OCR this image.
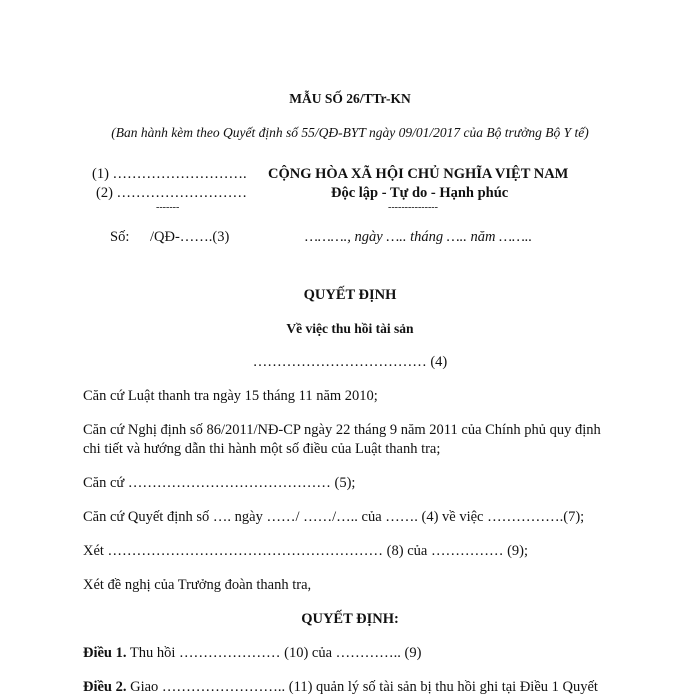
MẪU SỐ 26/TTr-KN
(Ban hành kèm theo Quyết định số 55/QĐ-BYT ngày 09/01/2017 của Bộ trưởng Bộ Y tế)
(1) ……………………….
(2) ………………………
-------
CỘNG HÒA XÃ HỘI CHỦ NGHĨA VIỆT NAM
Độc lập - Tự do - Hạnh phúc
---------------
Số: /QĐ-…….(3)	………., ngày ….. tháng ….. năm ……..
QUYẾT ĐỊNH
Về việc thu hồi tài sản
……………………………… (4)
Căn cứ Luật thanh tra ngày 15 tháng 11 năm 2010;
Căn cứ Nghị định số 86/2011/NĐ-CP ngày 22 tháng 9 năm 2011 của Chính phủ quy định
chi tiết và hướng dẫn thi hành một số điều của Luật thanh tra;
Căn cứ …………………………………… (5);
Căn cứ Quyết định số …. ngày ……/ ……/….. của ……. (4) về việc …………….(7);
Xét ………………………………………………… (8) của …………… (9);
Xét đề nghị của Trưởng đoàn thanh tra,
QUYẾT ĐỊNH:
Điều 1. Thu hồi ………………… (10) của ………….. (9)
Điều 2. Giao …………………….. (11) quản lý số tài sản bị thu hồi ghi tại Điều 1 Quyết
